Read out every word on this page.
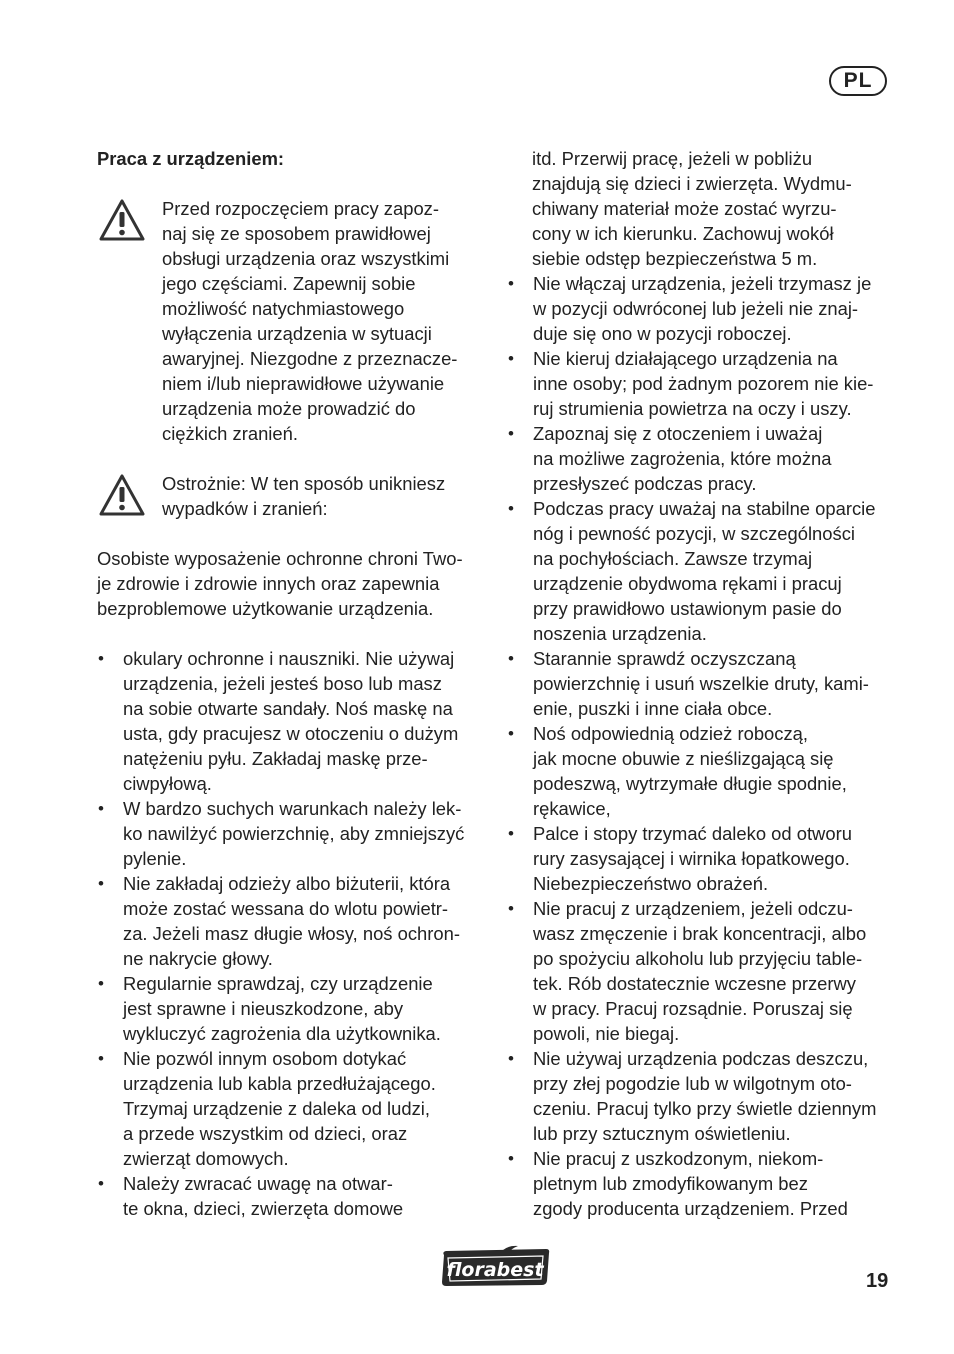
PL
Praca z urządzeniem:
Przed rozpoczęciem pracy zapoz-
naj się ze sposobem prawidłowej
obsługi urządzenia oraz wszystkimi
jego częściami. Zapewnij sobie
możliwość natychmiastowego
wyłączenia urządzenia w sytuacji
awaryjnej. Niezgodne z przeznacze-
niem i/lub nieprawidłowe używanie
urządzenia może prowadzić do
ciężkich zranień.
Ostrożnie: W ten sposób unikniesz
wypadków i zranień:
Osobiste wyposażenie ochronne chroni Two-
je zdrowie i zdrowie innych oraz zapewnia
bezproblemowe użytkowanie urządzenia.
• okulary ochronne i nauszniki. Nie używaj
urządzenia, jeżeli jesteś boso lub masz
na sobie otwarte sandały. Noś maskę na
usta, gdy pracujesz w otoczeniu o dużym
natężeniu pyłu. Zakładaj maskę prze-
ciwpyłową.
• W bardzo suchych warunkach należy lek-
ko nawilżyć powierzchnię, aby zmniejszyć
pylenie.
• Nie zakładaj odzieży albo biżuterii, która
może zostać wessana do wlotu powietr-
za. Jeżeli masz długie włosy, noś ochron-
ne nakrycie głowy.
• Regularnie sprawdzaj, czy urządzenie
jest sprawne i nieuszkodzone, aby
wykluczyć zagrożenia dla użytkownika.
• Nie pozwól innym osobom dotykać
urządzenia lub kabla przedłużającego.
Trzymaj urządzenie z daleka od ludzi,
a przede wszystkim od dzieci, oraz
zwierząt domowych.
• Należy zwracać uwagę na otwar-
te okna, dzieci, zwierzęta domowe
itd. Przerwij pracę, jeżeli w pobliżu
znajdują się dzieci i zwierzęta. Wydmu-
chiwany materiał może zostać wyrzu-
cony w ich kierunku. Zachowuj wokół
siebie odstęp bezpieczeństwa 5 m.
• Nie włączaj urządzenia, jeżeli trzymasz je
w pozycji odwróconej lub jeżeli nie znaj-
duje się ono w pozycji roboczej.
• Nie kieruj działającego urządzenia na
inne osoby; pod żadnym pozorem nie kie-
ruj strumienia powietrza na oczy i uszy.
• Zapoznaj się z otoczeniem i uważaj
na możliwe zagrożenia, które można
przesłyszeć podczas pracy.
• Podczas pracy uważaj na stabilne oparcie
nóg i pewność pozycji, w szczególności
na pochyłościach. Zawsze trzymaj
urządzenie obydwoma rękami i pracuj
przy prawidłowo ustawionym pasie do
noszenia urządzenia.
• Starannie sprawdź oczyszczaną
powierzchnię i usuń wszelkie druty, kami-
enie, puszki i inne ciała obce.
• Noś odpowiednią odzież roboczą,
jak mocne obuwie z nieślizgającą się
podeszwą, wytrzymałe długie spodnie,
rękawice,
• Palce i stopy trzymać daleko od otworu
rury zasysającej i wirnika łopatkowego.
Niebezpieczeństwo obrażeń.
• Nie pracuj z urządzeniem, jeżeli odczu-
wasz zmęczenie i brak koncentracji, albo
po spożyciu alkoholu lub przyjęciu table-
tek. Rób dostatecznie wczesne przerwy
w pracy. Pracuj rozsądnie. Poruszaj się
powoli, nie biegaj.
• Nie używaj urządzenia podczas deszczu,
przy złej pogodzie lub w wilgotnym oto-
czeniu. Pracuj tylko przy świetle dziennym
lub przy sztucznym oświetleniu.
• Nie pracuj z uszkodzonym, niekom-
pletnym lub zmodyfikowanym bez
zgody producenta urządzeniem. Przed
florabest	19
